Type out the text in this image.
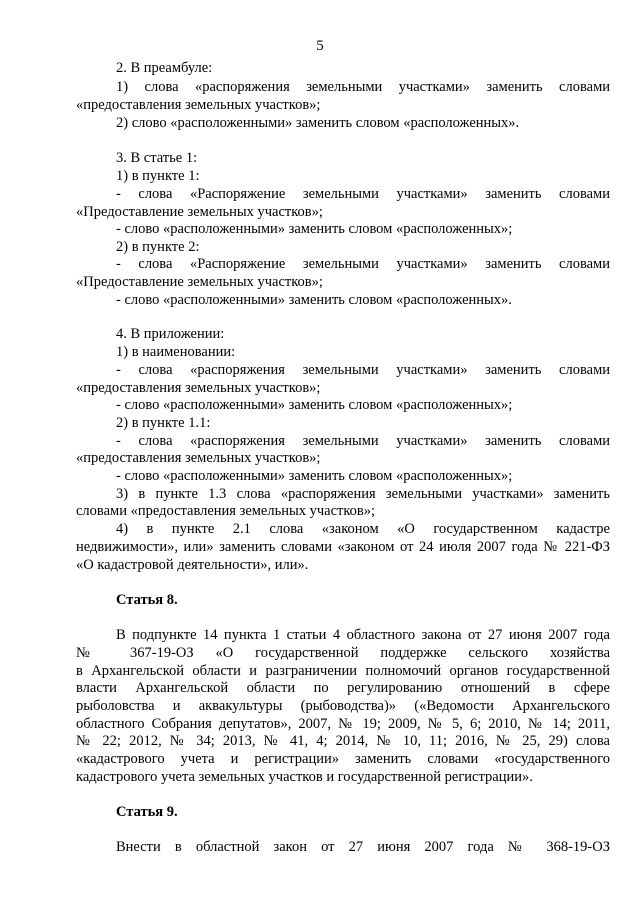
5
2. В преамбуле:
1) слова «распоряжения земельными участками» заменить словами
«предоставления земельных участков»;
2) слово «расположенными» заменить словом «расположенных».
3. В статье 1:
1) в пункте 1:
- слова «Распоряжение земельными участками» заменить словами
«Предоставление земельных участков»;
- слово «расположенными» заменить словом «расположенных»;
2) в пункте 2:
- слова «Распоряжение земельными участками» заменить словами
«Предоставление земельных участков»;
- слово «расположенными» заменить словом «расположенных».
4. В приложении:
1) в наименовании:
- слова «распоряжения земельными участками» заменить словами
«предоставления земельных участков»;
- слово «расположенными» заменить словом «расположенных»;
2) в пункте 1.1:
- слова «распоряжения земельными участками» заменить словами
«предоставления земельных участков»;
- слово «расположенными» заменить словом «расположенных»;
3) в пункте 1.3 слова «распоряжения земельными участками» заменить
словами «предоставления земельных участков»;
4) в пункте 2.1 слова «законом «О государственном кадастре
недвижимости», или» заменить словами «законом от 24 июля 2007 года № 221-ФЗ
«О кадастровой деятельности», или».
Статья 8.
В подпункте 14 пункта 1 статьи 4 областного закона от 27 июня 2007 года
№ 367-19-ОЗ «О государственной поддержке сельского хозяйства
в Архангельской области и разграничении полномочий органов государственной
власти Архангельской области по регулированию отношений в сфере
рыболовства и аквакультуры (рыбоводства)» («Ведомости Архангельского
областного Собрания депутатов», 2007, № 19; 2009, № 5, 6; 2010, № 14; 2011,
№ 22; 2012, № 34; 2013, № 41, 4; 2014, № 10, 11; 2016, № 25, 29) слова
«кадастрового учета и регистрации» заменить словами «государственного
кадастрового учета земельных участков и государственной регистрации».
Статья 9.
Внести в областной закон от 27 июня 2007 года № 368-19-ОЗ
